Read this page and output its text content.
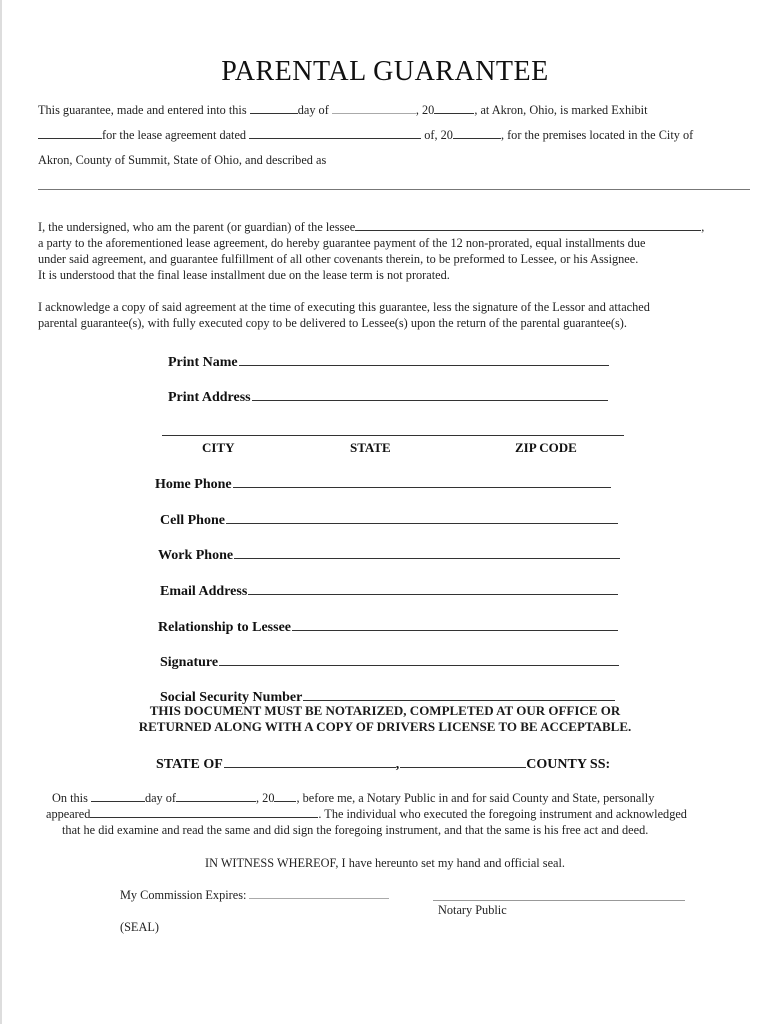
PARENTAL GUARANTEE
This guarantee, made and entered into this	day of	, 20	, at Akron, Ohio, is marked Exhibit
for the lease agreement dated	of, 20	, for the premises located in the City of
Akron, County of Summit, State of Ohio, and described as
I, the undersigned, who am the parent (or guardian) of the lessee	,
a party to the aforementioned lease agreement, do hereby guarantee payment of the 12 non-prorated, equal installments due
under said agreement, and guarantee fulfillment of all other covenants therein, to be preformed to Lessee, or his Assignee.
It is understood that the final lease installment due on the lease term is not prorated.
I acknowledge a copy of said agreement at the time of executing this guarantee, less the signature of the Lessor and attached
parental guarantee(s), with fully executed copy to be delivered to Lessee(s) upon the return of the parental guarantee(s).
Print Name
Print Address
CITY	STATE	ZIP CODE
Home Phone
Cell Phone
Work Phone
Email Address
Relationship to Lessee
Signature
Social Security Number
THIS DOCUMENT MUST BE NOTARIZED, COMPLETED AT OUR OFFICE OR
RETURNED ALONG WITH A COPY OF DRIVERS LICENSE TO BE ACCEPTABLE.
STATE OF	,	COUNTY SS:
On this	day of	, 20 , before me, a Notary Public in and for said County and State, personally
appeared	. The individual who executed the foregoing instrument and acknowledged
that he did examine and read the same and did sign the foregoing instrument, and that the same is his free act and deed.
IN WITNESS WHEREOF, I have hereunto set my hand and official seal.
My Commission Expires:
Notary Public
(SEAL)
